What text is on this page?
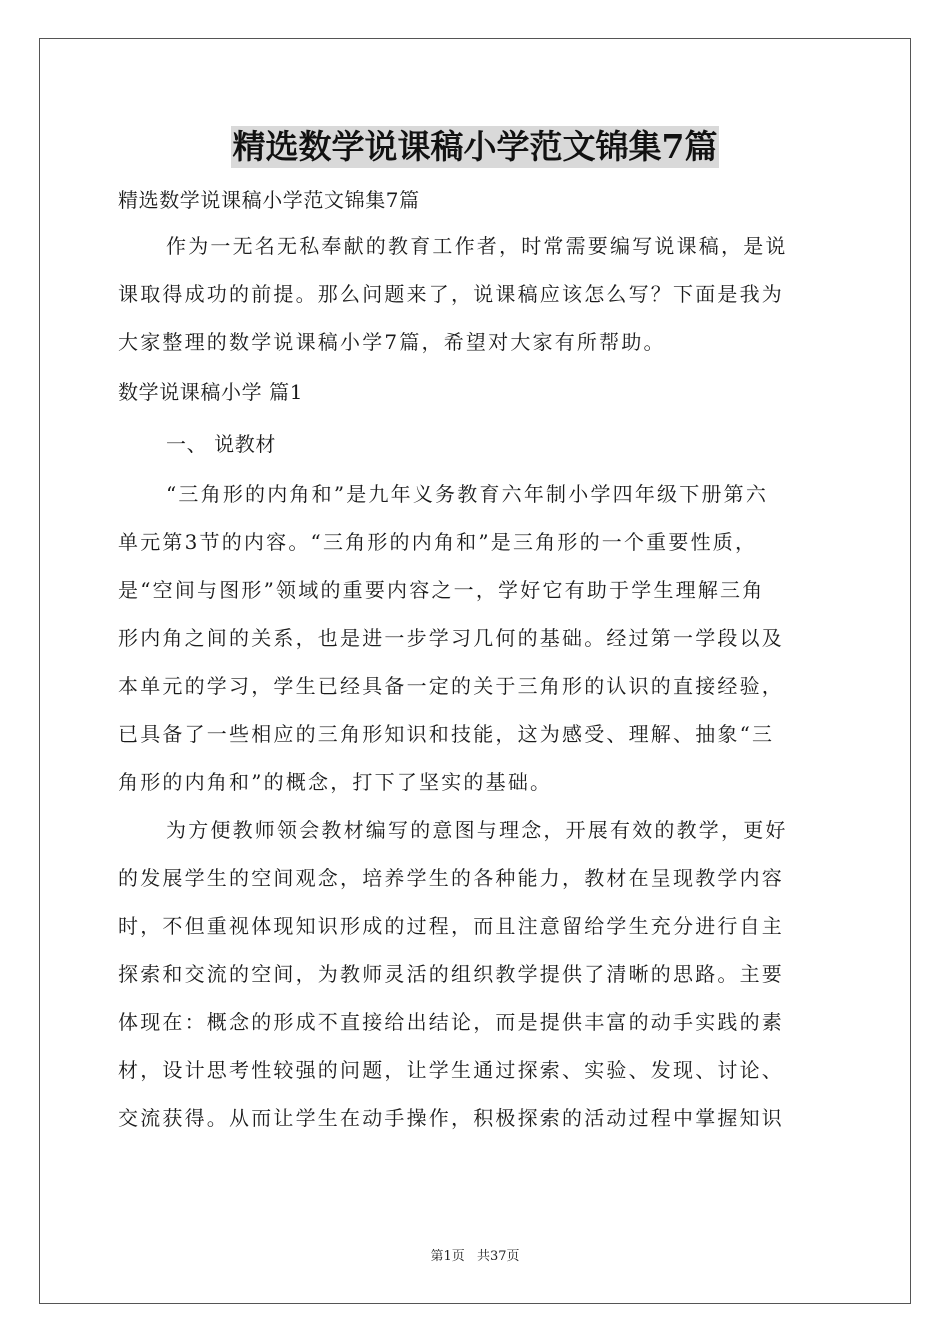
精选数学说课稿小学范文锦集7篇
精选数学说课稿小学范文锦集7篇
作为一无名无私奉献的教育工作者，时常需要编写说课稿，是说
课取得成功的前提。那么问题来了，说课稿应该怎么写？下面是我为
大家整理的数学说课稿小学7篇，希望对大家有所帮助。
数学说课稿小学 篇1
一、 说教材
“三角形的内角和”是九年义务教育六年制小学四年级下册第六
单元第3节的内容。“三角形的内角和”是三角形的一个重要性质，
是“空间与图形”领域的重要内容之一，学好它有助于学生理解三角
形内角之间的关系，也是进一步学习几何的基础。经过第一学段以及
本单元的学习，学生已经具备一定的关于三角形的认识的直接经验，
已具备了一些相应的三角形知识和技能，这为感受、理解、抽象“三
角形的内角和”的概念，打下了坚实的基础。
为方便教师领会教材编写的意图与理念，开展有效的教学，更好
的发展学生的空间观念，培养学生的各种能力，教材在呈现教学内容
时，不但重视体现知识形成的过程，而且注意留给学生充分进行自主
探索和交流的空间，为教师灵活的组织教学提供了清晰的思路。主要
体现在：概念的形成不直接给出结论，而是提供丰富的动手实践的素
材，设计思考性较强的问题，让学生通过探索、实验、发现、讨论、
交流获得。从而让学生在动手操作，积极探索的活动过程中掌握知识
第1页 共37页
